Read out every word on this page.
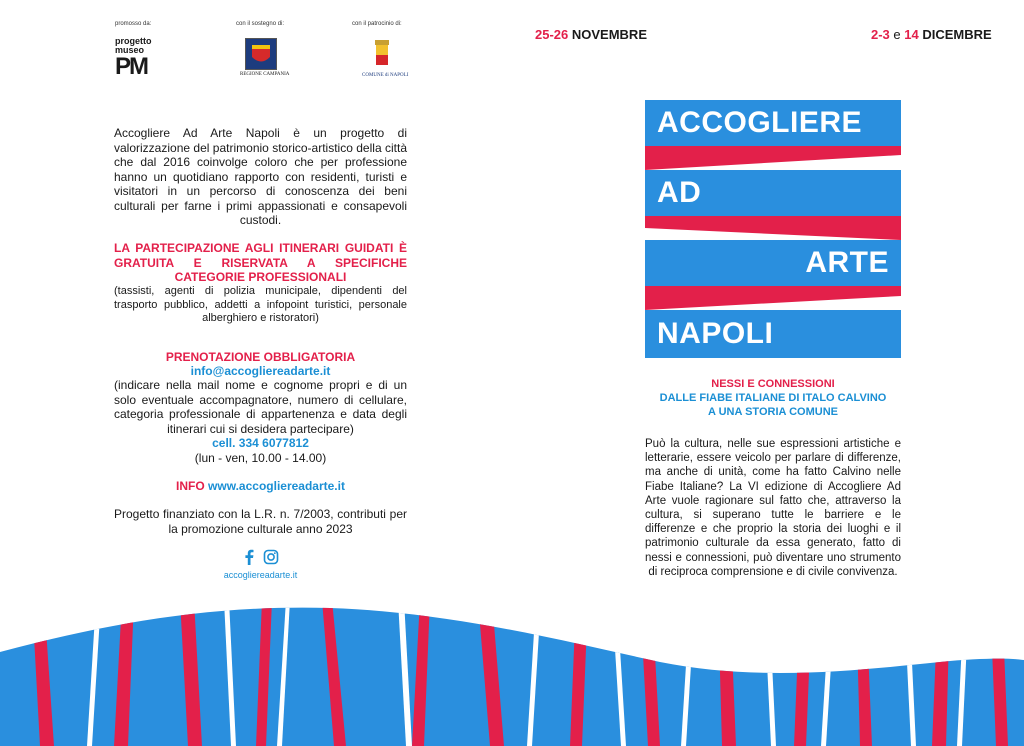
promosso da:	con il sostegno di:	con il patrocinio di:
progetto
museo
PM	REGIONE CAMPANIA	COMUNE di NAPOLI
25-26 NOVEMBRE	2-3 e 14 DICEMBRE
ACCOGLIERE
AD
ARTE
NAPOLI
Accogliere Ad Arte Napoli è un progetto di valorizzazione del patrimonio storico-artistico della città che dal 2016 coinvolge coloro che per professione hanno un quotidiano rapporto con residenti, turisti e visitatori in un percorso di conoscenza dei beni culturali per farne i primi appassionati e consapevoli custodi.
LA PARTECIPAZIONE AGLI ITINERARI GUIDATI È GRATUITA E RISERVATA A SPECIFICHE CATEGORIE PROFESSIONALI
(tassisti, agenti di polizia municipale, dipendenti del trasporto pubblico, addetti a infopoint turistici, personale alberghiero e ristoratori)
PRENOTAZIONE OBBLIGATORIA
info@accogliereadarte.it
(indicare nella mail nome e cognome propri e di un solo eventuale accompagnatore, numero di cellulare, categoria professionale di appartenenza e data degli itinerari cui si desidera partecipare)
cell. 334 6077812
(lun - ven, 10.00 - 14.00)
INFO www.accogliereadarte.it
Progetto finanziato con la L.R. n. 7/2003, contributi per la promozione culturale anno 2023

accogliereadarte.it
NESSI E CONNESSIONI
DALLE FIABE ITALIANE DI ITALO CALVINO
A UNA STORIA COMUNE
Può la cultura, nelle sue espressioni artistiche e letterarie, essere veicolo per parlare di differenze, ma anche di unità, come ha fatto Calvino nelle Fiabe Italiane? La VI edizione di Accogliere Ad Arte vuole ragionare sul fatto che, attraverso la cultura, si superano tutte le barriere e le differenze e che proprio la storia dei luoghi e il patrimonio culturale da essa generato, fatto di nessi e connessioni, può diventare uno strumento di reciproca comprensione e di civile convivenza.
